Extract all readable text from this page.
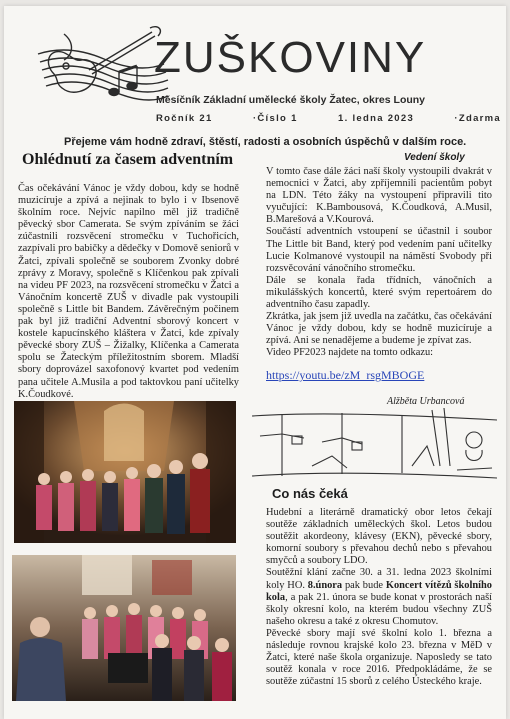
ZUŠKOVINY
Měsíčník Základní umělecké školy Žatec, okres Louny
Ročník 21	·Číslo 1	1. ledna 2023	·Zdarma
Přejeme vám hodně zdraví, štěstí, radosti a osobních úspěchů v dalším roce.
Vedení školy
Ohlédnutí za časem adventním

Čas očekávání Vánoc je vždy dobou, kdy se hodně muzicíruje a zpívá a nejinak to bylo i v Ibsenově školním roce. Nejvíc napilno měl již tradičně pěvecký sbor Camerata. Se svým zpíváním se žáci zúčastnili rozsvěcení stromečku v Tuchořicích, zazpívali pro babičky a dědečky v Domově seniorů v Žatci, zpívali společně se souborem Zvonky dobré zprávy z Moravy, společně s Klíčenkou pak zpívali na videu PF 2023, na rozsvěcení stromečku v Žatci a Vánočním koncertě ZUŠ v divadle pak vystoupili společně s Little bit Bandem. Závěrečným počinem pak byl již tradiční Adventní sborový koncert v kostele kapucínského kláštera v Žatci, kde zpívaly pěvecké sbory ZUŠ – Žižalky, Klíčenka a Camerata spolu se Žateckým příležitostním sborem. Mladší sbory doprovázel saxofonový kvartet pod vedením pana učitele A.Musila a pod taktovkou paní učitelky K.Čoudkové.

V tomto čase dále žáci naší školy vystoupili dvakrát v nemocnici v Žatci, aby zpříjemnili pacientům pobyt na LDN. Této žáky na vystoupení připravili tito vyučující: K.Bambousová, K.Čoudková, A.Musil, B.Marešová a V.Kourová.

Součástí adventních vstoupení se účastnil i soubor The Little bit Band, který pod vedením paní učitelky Lucie Kolmanové vystoupil na náměstí Svobody při rozsvěcování vánočního stromečku.

Dále se konala řada třídních, vánočních a mikulášských koncertů, které svým repertoárem do adventního času zapadly.

Zkrátka, jak jsem již uvedla na začátku, čas očekávání Vánoc je vždy dobou, kdy se hodně muzicíruje a zpívá. Ani se nenadějeme a budeme je zpívat zas.

Video PF2023 najdete na tomto odkazu:

https://youtu.be/zM_rsgMBOGE
Alžběta Urbancová
Co nás čeká

Hudební a literárně dramatický obor letos čekají soutěže základních uměleckých škol. Letos budou soutěžit akordeony, klávesy (EKN), pěvecké sbory, komorní soubory s převahou dechů nebo s převahou smyčců a soubory LDO.

Soutěžní klání začne 30. a 31. ledna 2023 školními koly HO. 8.února pak bude Koncert vítězů školního kola, a pak 21. února se bude konat v prostorách naší školy okresní kolo, na kterém budou všechny ZUŠ našeho okresu a také z okresu Chomutov.

Pěvecké sbory mají své školní kolo 1. března a následuje rovnou krajské kolo 23. března v MěD v Žatci, které naše škola organizuje. Naposledy se tato soutěž konala v roce 2016. Předpokládáme, že se soutěže zúčastní 15 sborů z celého Ústeckého kraje.
